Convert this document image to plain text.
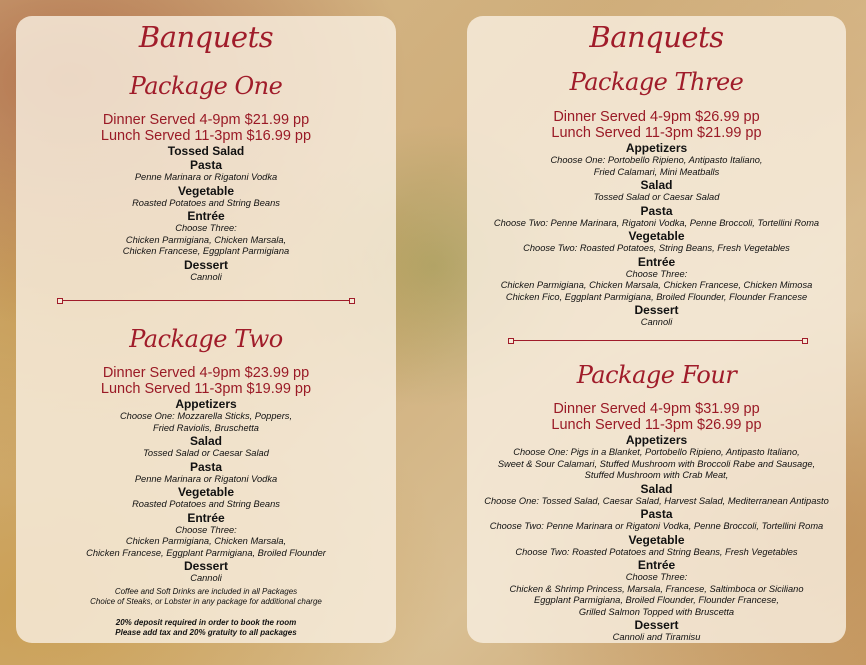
Banquets
Package One
Dinner Served 4-9pm $21.99 pp
Lunch Served 11-3pm $16.99 pp
Tossed Salad
Pasta
Penne Marinara or Rigatoni Vodka
Vegetable
Roasted Potatoes and String Beans
Entrée
Choose Three:
Chicken Parmigiana, Chicken Marsala,
Chicken Francese, Eggplant Parmigiana
Dessert
Cannoli
Package Two
Dinner Served 4-9pm $23.99 pp
Lunch Served 11-3pm $19.99 pp
Appetizers
Choose One: Mozzarella Sticks, Poppers,
Fried Raviolis, Bruschetta
Salad
Tossed Salad or Caesar Salad
Pasta
Penne Marinara or Rigatoni Vodka
Vegetable
Roasted Potatoes and String Beans
Entrée
Choose Three:
Chicken Parmigiana, Chicken Marsala,
Chicken Francese, Eggplant Parmigiana, Broiled Flounder
Dessert
Cannoli
Coffee and Soft Drinks are included in all Packages
Choice of Steaks, or Lobster in any package for additional charge
20% deposit required in order to book the room
Please add tax and 20% gratuity to all packages
Banquets
Package Three
Dinner Served 4-9pm $26.99 pp
Lunch Served 11-3pm $21.99 pp
Appetizers
Choose One: Portobello Ripieno, Antipasto Italiano,
Fried Calamari, Mini Meatballs
Salad
Tossed Salad or Caesar Salad
Pasta
Choose Two: Penne Marinara, Rigatoni Vodka, Penne Broccoli, Tortellini Roma
Vegetable
Choose Two: Roasted Potatoes, String Beans, Fresh Vegetables
Entrée
Choose Three:
Chicken Parmigiana, Chicken Marsala, Chicken Francese, Chicken Mimosa
Chicken Fico, Eggplant Parmigiana, Broiled Flounder, Flounder Francese
Dessert
Cannoli
Package Four
Dinner Served 4-9pm $31.99 pp
Lunch Served 11-3pm $26.99 pp
Appetizers
Choose One: Pigs in a Blanket, Portobello Ripieno, Antipasto Italiano,
Sweet & Sour Calamari, Stuffed Mushroom with Broccoli Rabe and Sausage,
Stuffed Mushroom with Crab Meat,
Salad
Choose One: Tossed Salad, Caesar Salad, Harvest Salad, Mediterranean Antipasto
Pasta
Choose Two: Penne Marinara or Rigatoni Vodka, Penne Broccoli, Tortellini Roma
Vegetable
Choose Two: Roasted Potatoes and String Beans, Fresh Vegetables
Entrée
Choose Three:
Chicken & Shrimp Princess, Marsala, Francese, Saltimboca or Siciliano
Eggplant Parmigiana, Broiled Flounder, Flounder Francese,
Grilled Salmon Topped with Bruscetta
Dessert
Cannoli and Tiramisu
